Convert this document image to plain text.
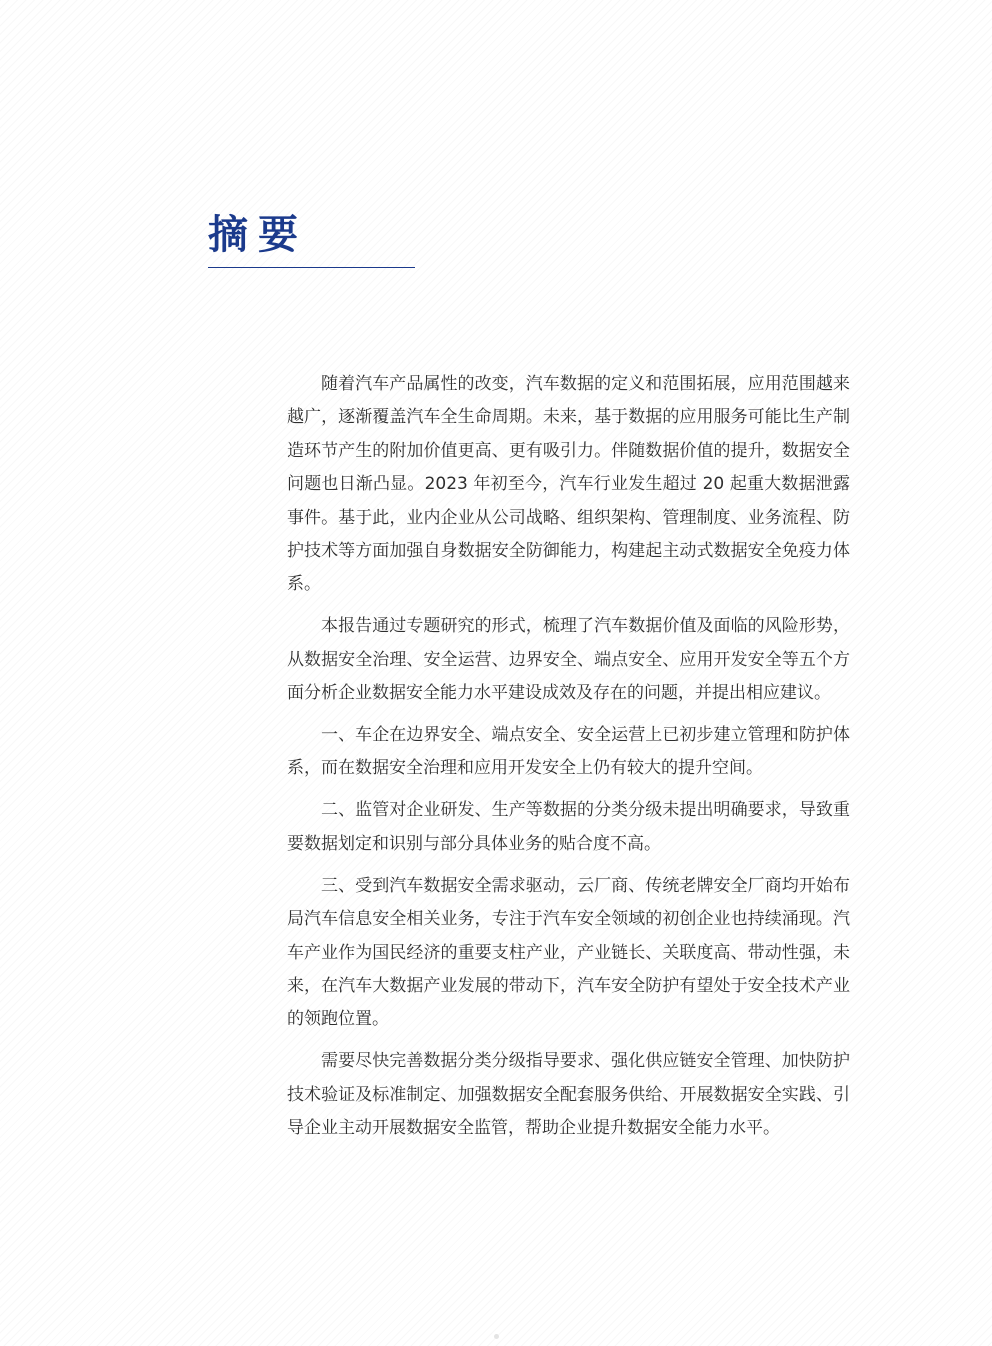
摘要

随着汽车产品属性的改变，汽车数据的定义和范围拓展，应用范围越来越广，逐渐覆盖汽车全生命周期。未来，基于数据的应用服务可能比生产制造环节产生的附加价值更高、更有吸引力。伴随数据价值的提升，数据安全问题也日渐凸显。2023 年初至今，汽车行业发生超过 20 起重大数据泄露事件。基于此，业内企业从公司战略、组织架构、管理制度、业务流程、防护技术等方面加强自身数据安全防御能力，构建起主动式数据安全免疫力体系。

本报告通过专题研究的形式，梳理了汽车数据价值及面临的风险形势，从数据安全治理、安全运营、边界安全、端点安全、应用开发安全等五个方面分析企业数据安全能力水平建设成效及存在的问题，并提出相应建议。

一、车企在边界安全、端点安全、安全运营上已初步建立管理和防护体系，而在数据安全治理和应用开发安全上仍有较大的提升空间。

二、监管对企业研发、生产等数据的分类分级未提出明确要求，导致重要数据划定和识别与部分具体业务的贴合度不高。

三、受到汽车数据安全需求驱动，云厂商、传统老牌安全厂商均开始布局汽车信息安全相关业务，专注于汽车安全领域的初创企业也持续涌现。汽车产业作为国民经济的重要支柱产业，产业链长、关联度高、带动性强，未来，在汽车大数据产业发展的带动下，汽车安全防护有望处于安全技术产业的领跑位置。

需要尽快完善数据分类分级指导要求、强化供应链安全管理、加快防护技术验证及标准制定、加强数据安全配套服务供给、开展数据安全实践、引导企业主动开展数据安全监管，帮助企业提升数据安全能力水平。
